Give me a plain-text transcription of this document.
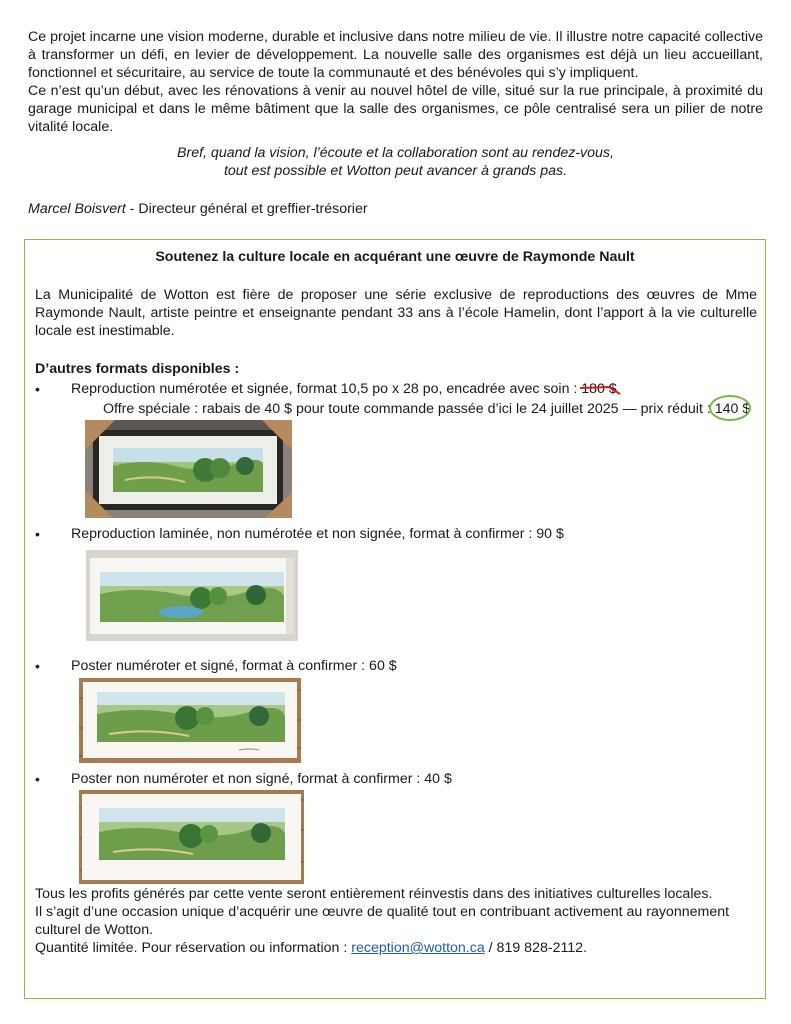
Ce projet incarne une vision moderne, durable et inclusive dans notre milieu de vie. Il illustre notre capacité collective à transformer un défi, en levier de développement. La nouvelle salle des organismes est déjà un lieu accueillant, fonctionnel et sécuritaire, au service de toute la communauté et des bénévoles qui s’y impliquent.

Ce n’est qu’un début, avec les rénovations à venir au nouvel hôtel de ville, situé sur la rue principale, à proximité du garage municipal et dans le même bâtiment que la salle des organismes, ce pôle centralisé sera un pilier de notre vitalité locale.

Bref, quand la vision, l’écoute et la collaboration sont au rendez-vous,
tout est possible et Wotton peut avancer à grands pas.
Marcel Boisvert - Directeur général et greffier-trésorier
Soutenez la culture locale en acquérant une œuvre de Raymonde Nault
La Municipalité de Wotton est fière de proposer une série exclusive de reproductions des œuvres de Mme Raymonde Nault, artiste peintre et enseignante pendant 33 ans à l’école Hamelin, dont l’apport à la vie culturelle locale est inestimable.
D’autres formats disponibles :
• Reproduction numérotée et signée, format 10,5 po x 28 po, encadrée avec soin : 180 $
Offre spéciale : rabais de 40 $ pour toute commande passée d’ici le 24 juillet 2025 — prix réduit :
140 $
• Reproduction laminée, non numérotée et non signée, format à confirmer : 90 $
• Poster numéroter et signé, format à confirmer : 60 $
• Poster non numéroter et non signé, format à confirmer : 40 $

Tous les profits générés par cette vente seront entièrement réinvestis dans des initiatives culturelles locales.

Il s’agit d’une occasion unique d’acquérir une œuvre de qualité tout en contribuant activement au rayonnement culturel de Wotton.

Quantité limitée. Pour réservation ou information : reception@wotton.ca / 819 828-2112.
